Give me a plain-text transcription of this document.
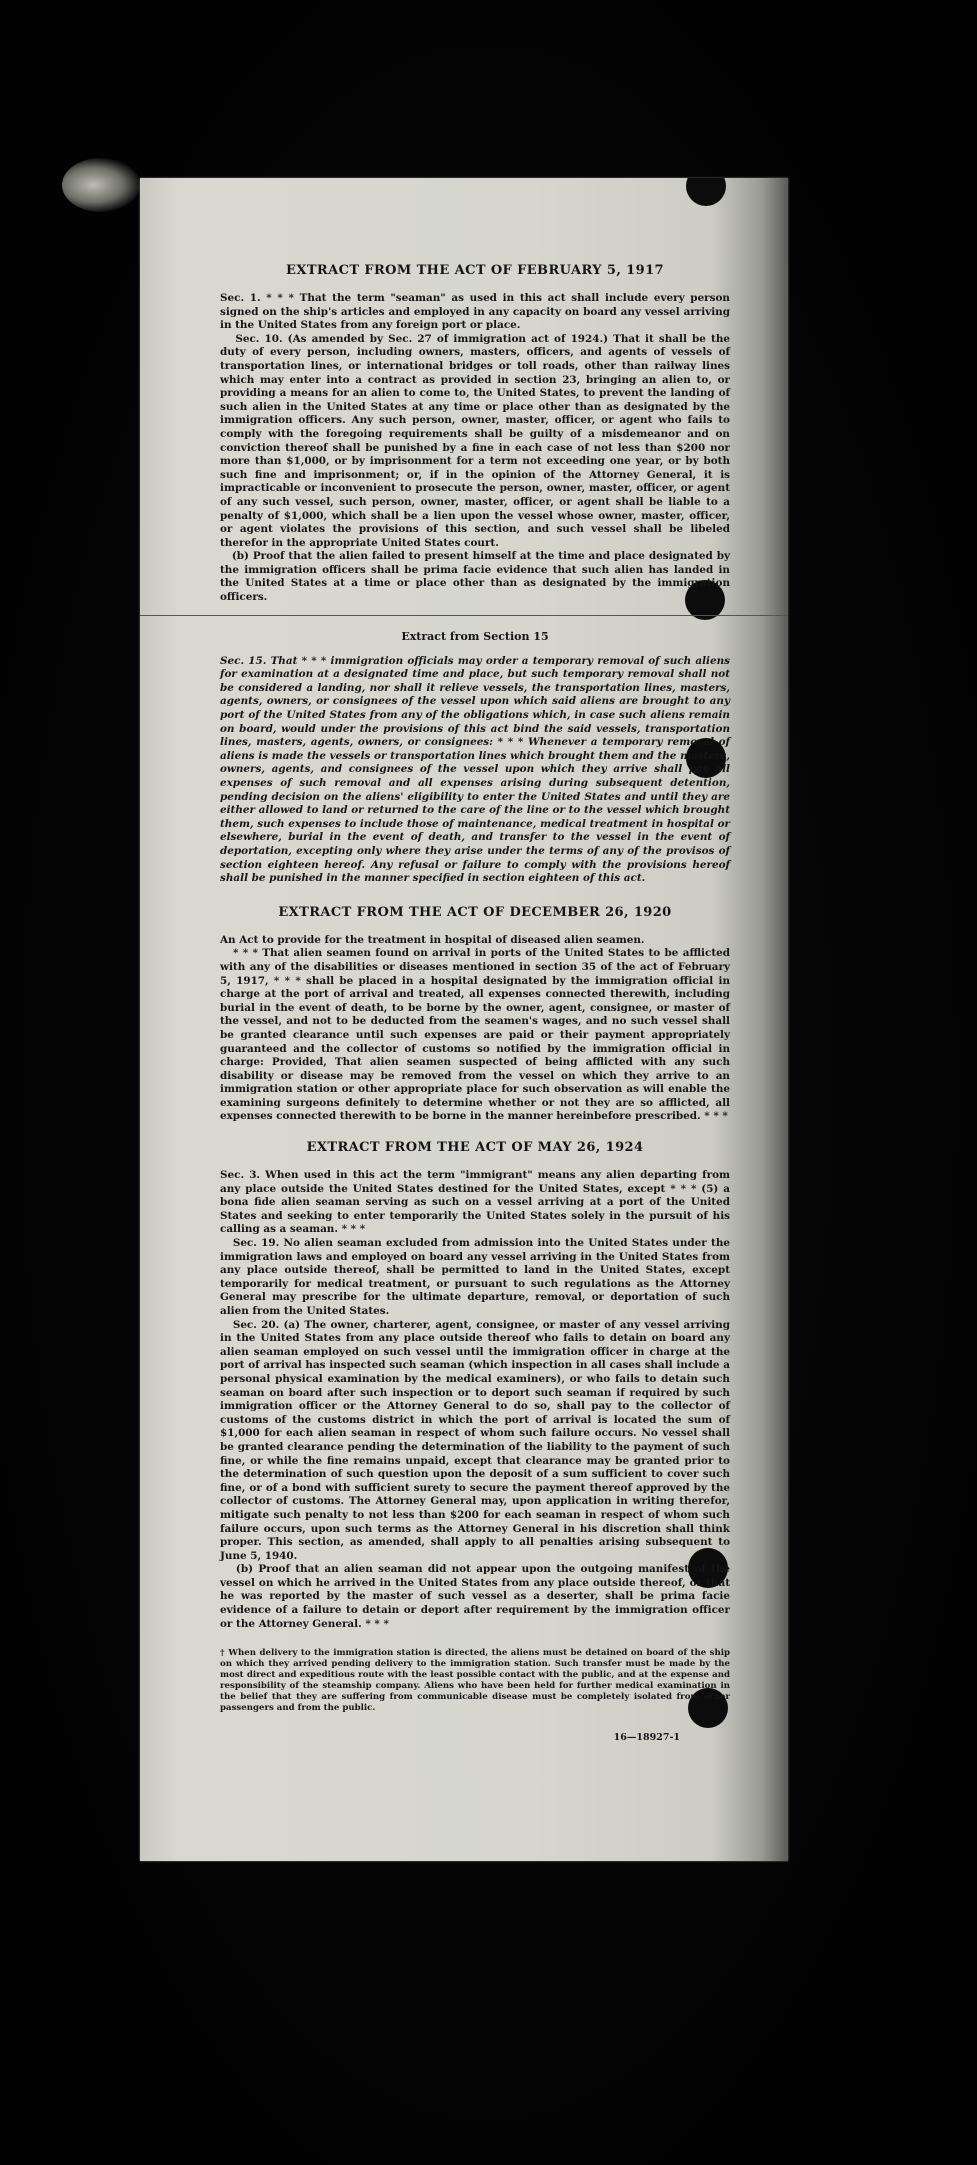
EXTRACT FROM THE ACT OF FEBRUARY 5, 1917

Sec. 1. * * * That the term "seaman" as used in this act shall include every person signed on the ship's articles and employed in any capacity on board any vessel arriving in the United States from any foreign port or place.
Sec. 10. (As amended by Sec. 27 of immigration act of 1924.) That it shall be the duty of every person, including owners, masters, officers, and agents of vessels of transportation lines, or international bridges or toll roads, other than railway lines which may enter into a contract as provided in section 23, bringing an alien to, or providing a means for an alien to come to, the United States, to prevent the landing of such alien in the United States at any time or place other than as designated by the immigration officers. Any such person, owner, master, officer, or agent who fails to comply with the foregoing requirements shall be guilty of a misdemeanor and on conviction thereof shall be punished by a fine in each case of not less than $200 nor more than $1,000, or by imprisonment for a term not exceeding one year, or by both such fine and imprisonment; or, if in the opinion of the Attorney General, it is impracticable or inconvenient to prosecute the person, owner, master, officer, or agent of any such vessel, such person, owner, master, officer, or agent shall be liable to a penalty of $1,000, which shall be a lien upon the vessel whose owner, master, officer, or agent violates the provisions of this section, and such vessel shall be libeled therefor in the appropriate United States court.
(b) Proof that the alien failed to present himself at the time and place designated by the immigration officers shall be prima facie evidence that such alien has landed in the United States at a time or place other than as designated by the immigration officers.

Extract from Section 15

Sec. 15. That * * * immigration officials may order a temporary removal of such aliens for examination at a designated time and place, but such temporary removal shall not be considered a landing, nor shall it relieve vessels, the transportation lines, masters, agents, owners, or consignees of the vessel upon which said aliens are brought to any port of the United States from any of the obligations which, in case such aliens remain on board, would under the provisions of this act bind the said vessels, transportation lines, masters, agents, owners, or consignees: * * * Whenever a temporary removal of aliens is made the vessels or transportation lines which brought them and the masters, owners, agents, and consignees of the vessel upon which they arrive shall pay all expenses of such removal and all expenses arising during subsequent detention, pending decision on the aliens' eligibility to enter the United States and until they are either allowed to land or returned to the care of the line or to the vessel which brought them, such expenses to include those of maintenance, medical treatment in hospital or elsewhere, burial in the event of death, and transfer to the vessel in the event of deportation, excepting only where they arise under the terms of any of the provisos of section eighteen hereof. Any refusal or failure to comply with the provisions hereof shall be punished in the manner specified in section eighteen of this act.

EXTRACT FROM THE ACT OF DECEMBER 26, 1920

An Act to provide for the treatment in hospital of diseased alien seamen.
* * * That alien seamen found on arrival in ports of the United States to be afflicted with any of the disabilities or diseases mentioned in section 35 of the act of February 5, 1917, * * * shall be placed in a hospital designated by the immigration official in charge at the port of arrival and treated, all expenses connected therewith, including burial in the event of death, to be borne by the owner, agent, consignee, or master of the vessel, and not to be deducted from the seamen's wages, and no such vessel shall be granted clearance until such expenses are paid or their payment appropriately guaranteed and the collector of customs so notified by the immigration official in charge: Provided, That alien seamen suspected of being afflicted with any such disability or disease may be removed from the vessel on which they arrive to an immigration station or other appropriate place for such observation as will enable the examining surgeons definitely to determine whether or not they are so afflicted, all expenses connected therewith to be borne in the manner hereinbefore prescribed. * * *

EXTRACT FROM THE ACT OF MAY 26, 1924

Sec. 3. When used in this act the term "immigrant" means any alien departing from any place outside the United States destined for the United States, except * * * (5) a bona fide alien seaman serving as such on a vessel arriving at a port of the United States and seeking to enter temporarily the United States solely in the pursuit of his calling as a seaman. * * *
Sec. 19. No alien seaman excluded from admission into the United States under the immigration laws and employed on board any vessel arriving in the United States from any place outside thereof, shall be permitted to land in the United States, except temporarily for medical treatment, or pursuant to such regulations as the Attorney General may prescribe for the ultimate departure, removal, or deportation of such alien from the United States.
Sec. 20. (a) The owner, charterer, agent, consignee, or master of any vessel arriving in the United States from any place outside thereof who fails to detain on board any alien seaman employed on such vessel until the immigration officer in charge at the port of arrival has inspected such seaman (which inspection in all cases shall include a personal physical examination by the medical examiners), or who fails to detain such seaman on board after such inspection or to deport such seaman if required by such immigration officer or the Attorney General to do so, shall pay to the collector of customs of the customs district in which the port of arrival is located the sum of $1,000 for each alien seaman in respect of whom such failure occurs. No vessel shall be granted clearance pending the determination of the liability to the payment of such fine, or while the fine remains unpaid, except that clearance may be granted prior to the determination of such question upon the deposit of a sum sufficient to cover such fine, or of a bond with sufficient surety to secure the payment thereof approved by the collector of customs. The Attorney General may, upon application in writing therefor, mitigate such penalty to not less than $200 for each seaman in respect of whom such failure occurs, upon such terms as the Attorney General in his discretion shall think proper. This section, as amended, shall apply to all penalties arising subsequent to June 5, 1940.
(b) Proof that an alien seaman did not appear upon the outgoing manifest of the vessel on which he arrived in the United States from any place outside thereof, or that he was reported by the master of such vessel as a deserter, shall be prima facie evidence of a failure to detain or deport after requirement by the immigration officer or the Attorney General. * * *

† When delivery to the immigration station is directed, the aliens must be detained on board of the ship on which they arrived pending delivery to the immigration station. Such transfer must be made by the most direct and expeditious route with the least possible contact with the public, and at the expense and responsibility of the steamship company. Aliens who have been held for further medical examination in the belief that they are suffering from communicable disease must be completely isolated from other passengers and from the public.

16—18927-1
